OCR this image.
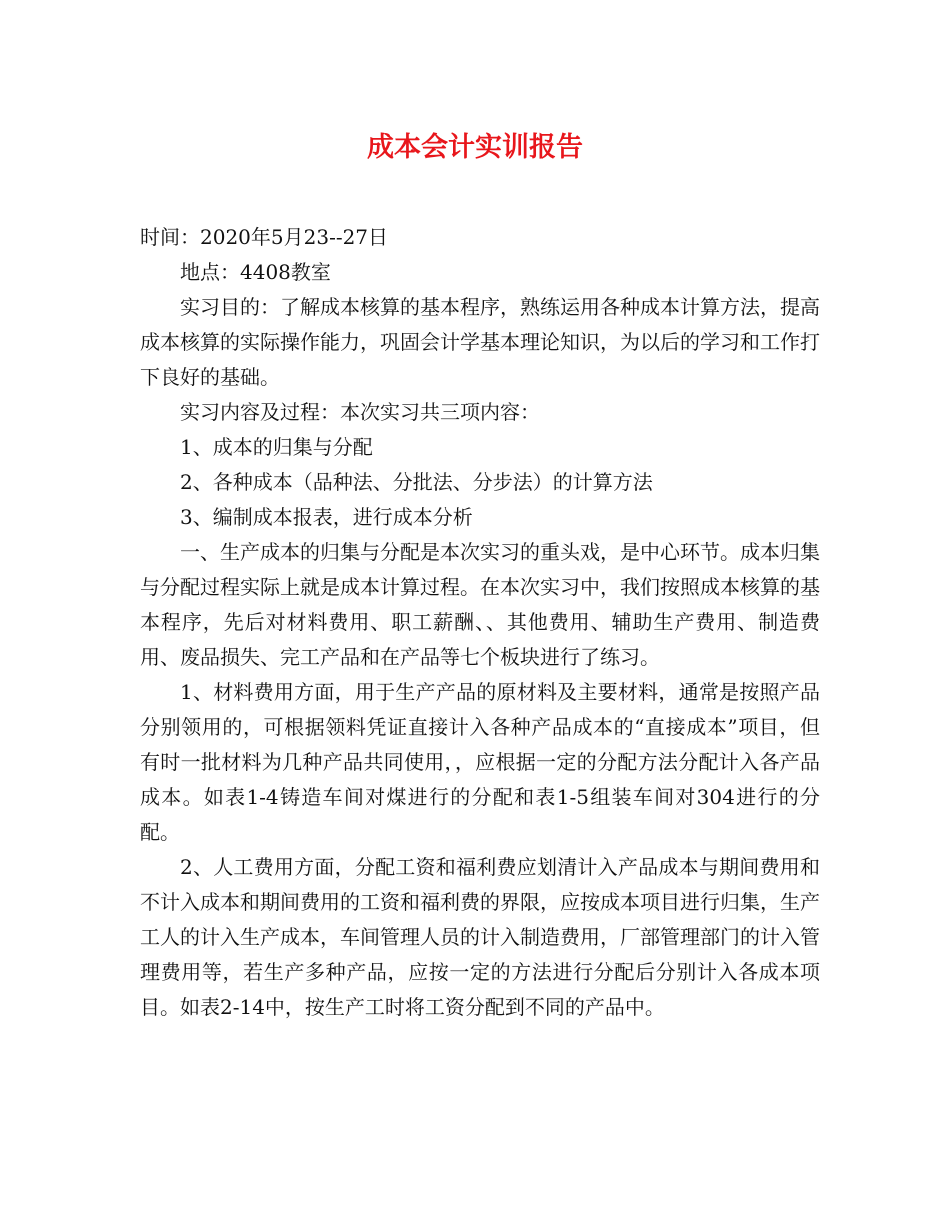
成本会计实训报告

时间：2020年5月23--27日

地点：4408教室

实习目的：了解成本核算的基本程序，熟练运用各种成本计算方法，提高成本核算的实际操作能力，巩固会计学基本理论知识，为以后的学习和工作打下良好的基础。

实习内容及过程：本次实习共三项内容：

1、成本的归集与分配

2、各种成本（品种法、分批法、分步法）的计算方法

3、编制成本报表，进行成本分析

一、生产成本的归集与分配是本次实习的重头戏，是中心环节。成本归集与分配过程实际上就是成本计算过程。在本次实习中，我们按照成本核算的基本程序，先后对材料费用、职工薪酬、、其他费用、辅助生产费用、制造费用、废品损失、完工产品和在产品等七个板块进行了练习。

1、材料费用方面，用于生产产品的原材料及主要材料，通常是按照产品分别领用的，可根据领料凭证直接计入各种产品成本的“直接成本”项目，但有时一批材料为几种产品共同使用，，应根据一定的分配方法分配计入各产品成本。如表1-4铸造车间对煤进行的分配和表1-5组装车间对304进行的分配。

2、人工费用方面，分配工资和福利费应划清计入产品成本与期间费用和不计入成本和期间费用的工资和福利费的界限，应按成本项目进行归集，生产工人的计入生产成本，车间管理人员的计入制造费用，厂部管理部门的计入管理费用等，若生产多种产品，应按一定的方法进行分配后分别计入各成本项目。如表2-14中，按生产工时将工资分配到不同的产品中。
